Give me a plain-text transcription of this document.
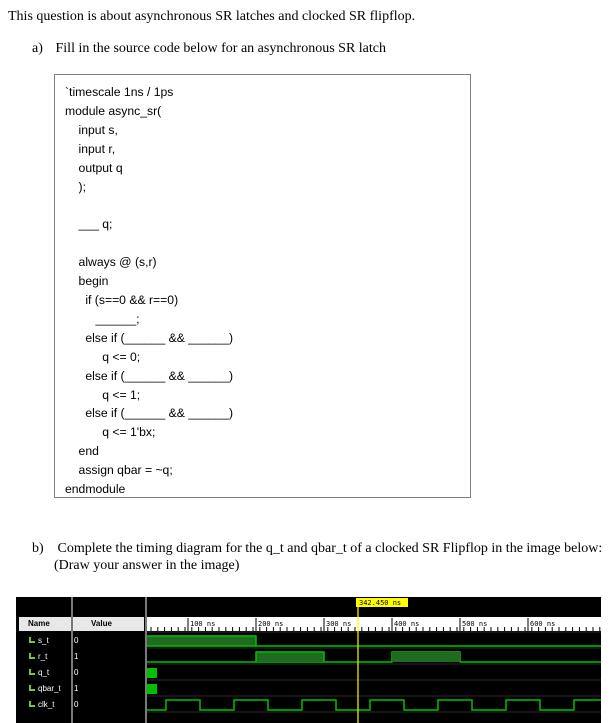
This question is about asynchronous SR latches and clocked SR flipflop.
a) Fill in the source code below for an asynchronous SR latch
`timescale 1ns / 1ps
module async_sr(
input s,
input r,
output q
);

___ q;

always @ (s,r)
begin
if (s==0 && r==0)
______;
else if (______ && ______)
q <= 0;
else if (______ && ______)
q <= 1;
else if (______ && ______)
q <= 1'bx;
end
assign qbar = ~q;
endmodule
b) Complete the timing diagram for the q_t and qbar_t of a clocked SR Flipflop in the image below:
(Draw your answer in the image)
Name	Value
s_t	0
r_t	1
q_t	0
qbar_t 1
clk_t 0
100 ns	200 ns	300 ns	400 ns	500 ns	600 ns
342.450 ns
